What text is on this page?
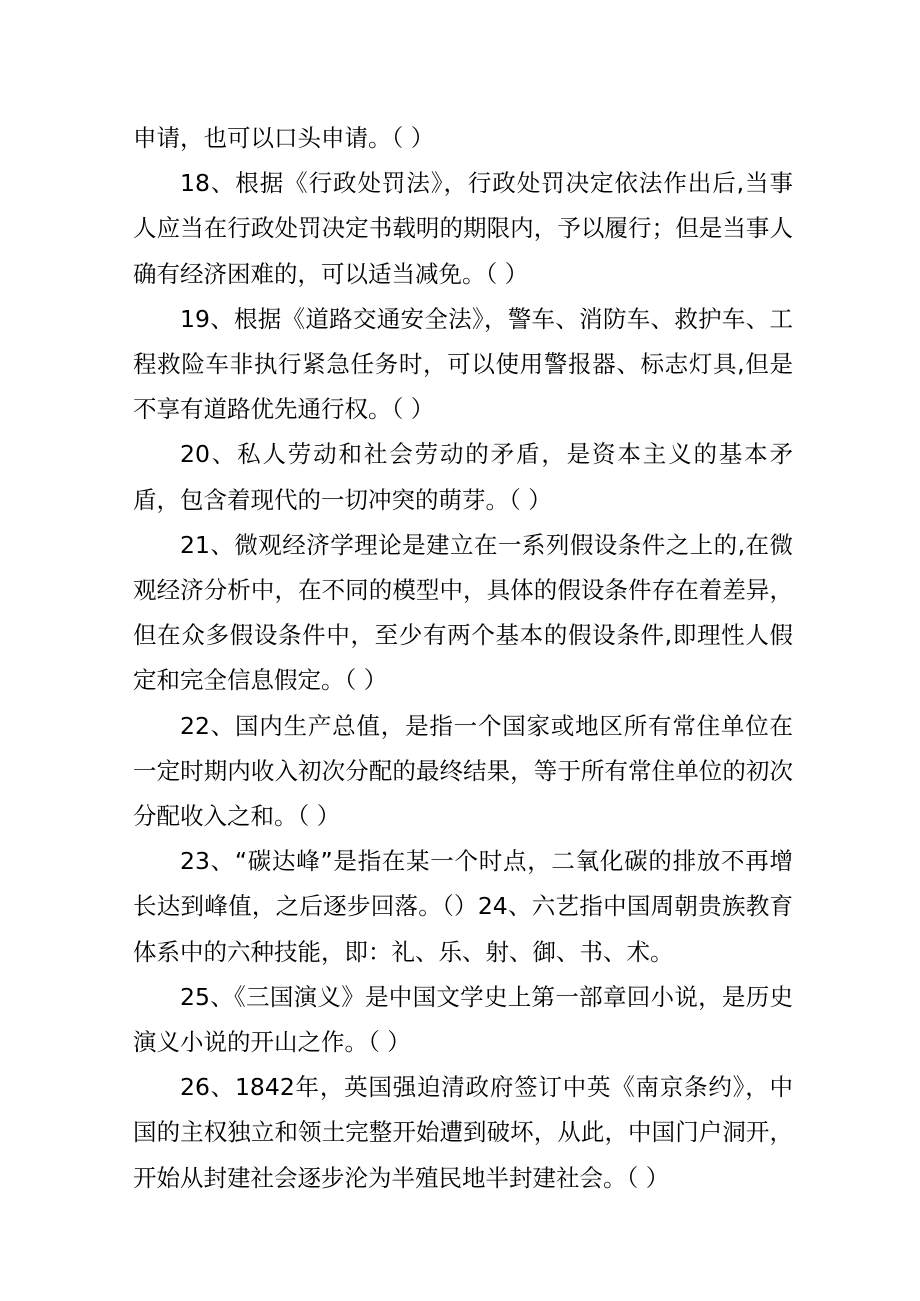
申请，也可以口头申请。（ ）

18、根据《行政处罚法》，行政处罚决定依法作出后,当事人应当在行政处罚决定书载明的期限内，予以履行；但是当事人确有经济困难的，可以适当减免。（ ）

19、根据《道路交通安全法》，警车、消防车、救护车、工程救险车非执行紧急任务时，可以使用警报器、标志灯具,但是不享有道路优先通行权。（ ）

20、私人劳动和社会劳动的矛盾，是资本主义的基本矛盾，包含着现代的一切冲突的萌芽。（ ）

21、微观经济学理论是建立在一系列假设条件之上的,在微观经济分析中，在不同的模型中，具体的假设条件存在着差异，但在众多假设条件中，至少有两个基本的假设条件,即理性人假定和完全信息假定。（ ）

22、国内生产总值，是指一个国家或地区所有常住单位在一定时期内收入初次分配的最终结果，等于所有常住单位的初次分配收入之和。（ ）

23、“碳达峰”是指在某一个时点，二氧化碳的排放不再增长达到峰值，之后逐步回落。（）24、六艺指中国周朝贵族教育体系中的六种技能，即：礼、乐、射、御、书、术。

25、《三国演义》是中国文学史上第一部章回小说，是历史演义小说的开山之作。（ ）

26、1842年，英国强迫清政府签订中英《南京条约》，中国的主权独立和领土完整开始遭到破坏，从此，中国门户洞开，开始从封建社会逐步沦为半殖民地半封建社会。（ ）
